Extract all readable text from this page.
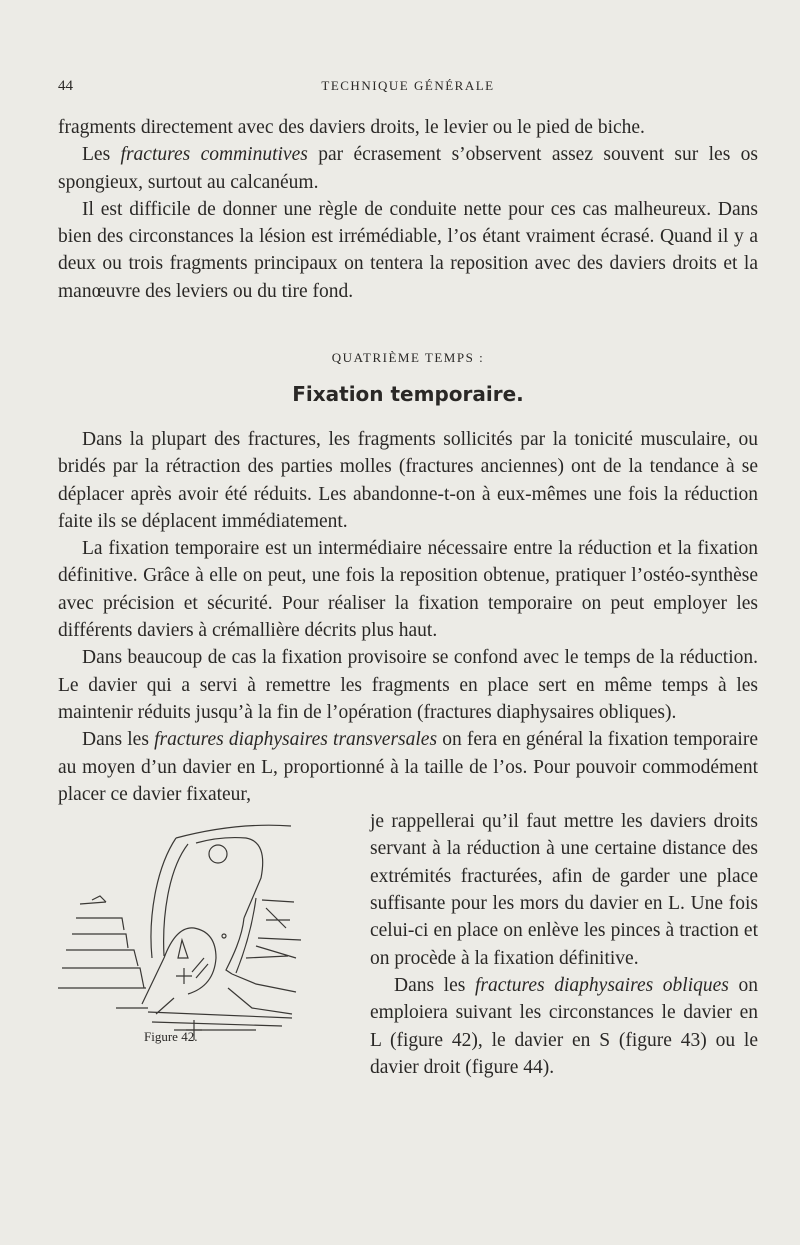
44	TECHNIQUE GÉNÉRALE

fragments directement avec des daviers droits, le levier ou le pied de biche.

Les fractures comminutives par écrasement s’observent assez souvent sur les os spongieux, surtout au calcanéum.

Il est difficile de donner une règle de conduite nette pour ces cas malheureux. Dans bien des circonstances la lésion est irrémédiable, l’os étant vraiment écrasé. Quand il y a deux ou trois fragments principaux on tentera la reposition avec des daviers droits et la manœuvre des leviers ou du tire fond.

QUATRIÈME TEMPS :
Fixation temporaire.

Dans la plupart des fractures, les fragments sollicités par la tonicité musculaire, ou bridés par la rétraction des parties molles (fractures anciennes) ont de la tendance à se déplacer après avoir été réduits. Les abandonne-t-on à eux-mêmes une fois la réduction faite ils se déplacent immédiatement.

La fixation temporaire est un intermédiaire nécessaire entre la réduction et la fixation définitive. Grâce à elle on peut, une fois la reposition obtenue, pratiquer l’ostéo-synthèse avec précision et sécurité. Pour réaliser la fixation temporaire on peut employer les différents daviers à crémallière décrits plus haut.

Dans beaucoup de cas la fixation provisoire se confond avec le temps de la réduction. Le davier qui a servi à remettre les fragments en place sert en même temps à les maintenir réduits jusqu’à la fin de l’opération (fractures diaphysaires obliques).

Dans les fractures diaphysaires transversales on fera en général la fixation temporaire au moyen d’un davier en L, proportionné à la taille de l’os. Pour pouvoir commodément placer ce davier fixateur,

Figure 42.

je rappellerai qu’il faut mettre les daviers droits servant à la réduction à une certaine distance des extrémités fracturées, afin de garder une place suffisante pour les mors du davier en L. Une fois celui-ci en place on enlève les pinces à traction et on procède à la fixation définitive.

Dans les fractures diaphysaires obliques on emploiera suivant les circonstances le davier en L (figure 42), le davier en S (figure 43) ou le davier droit (figure 44).
